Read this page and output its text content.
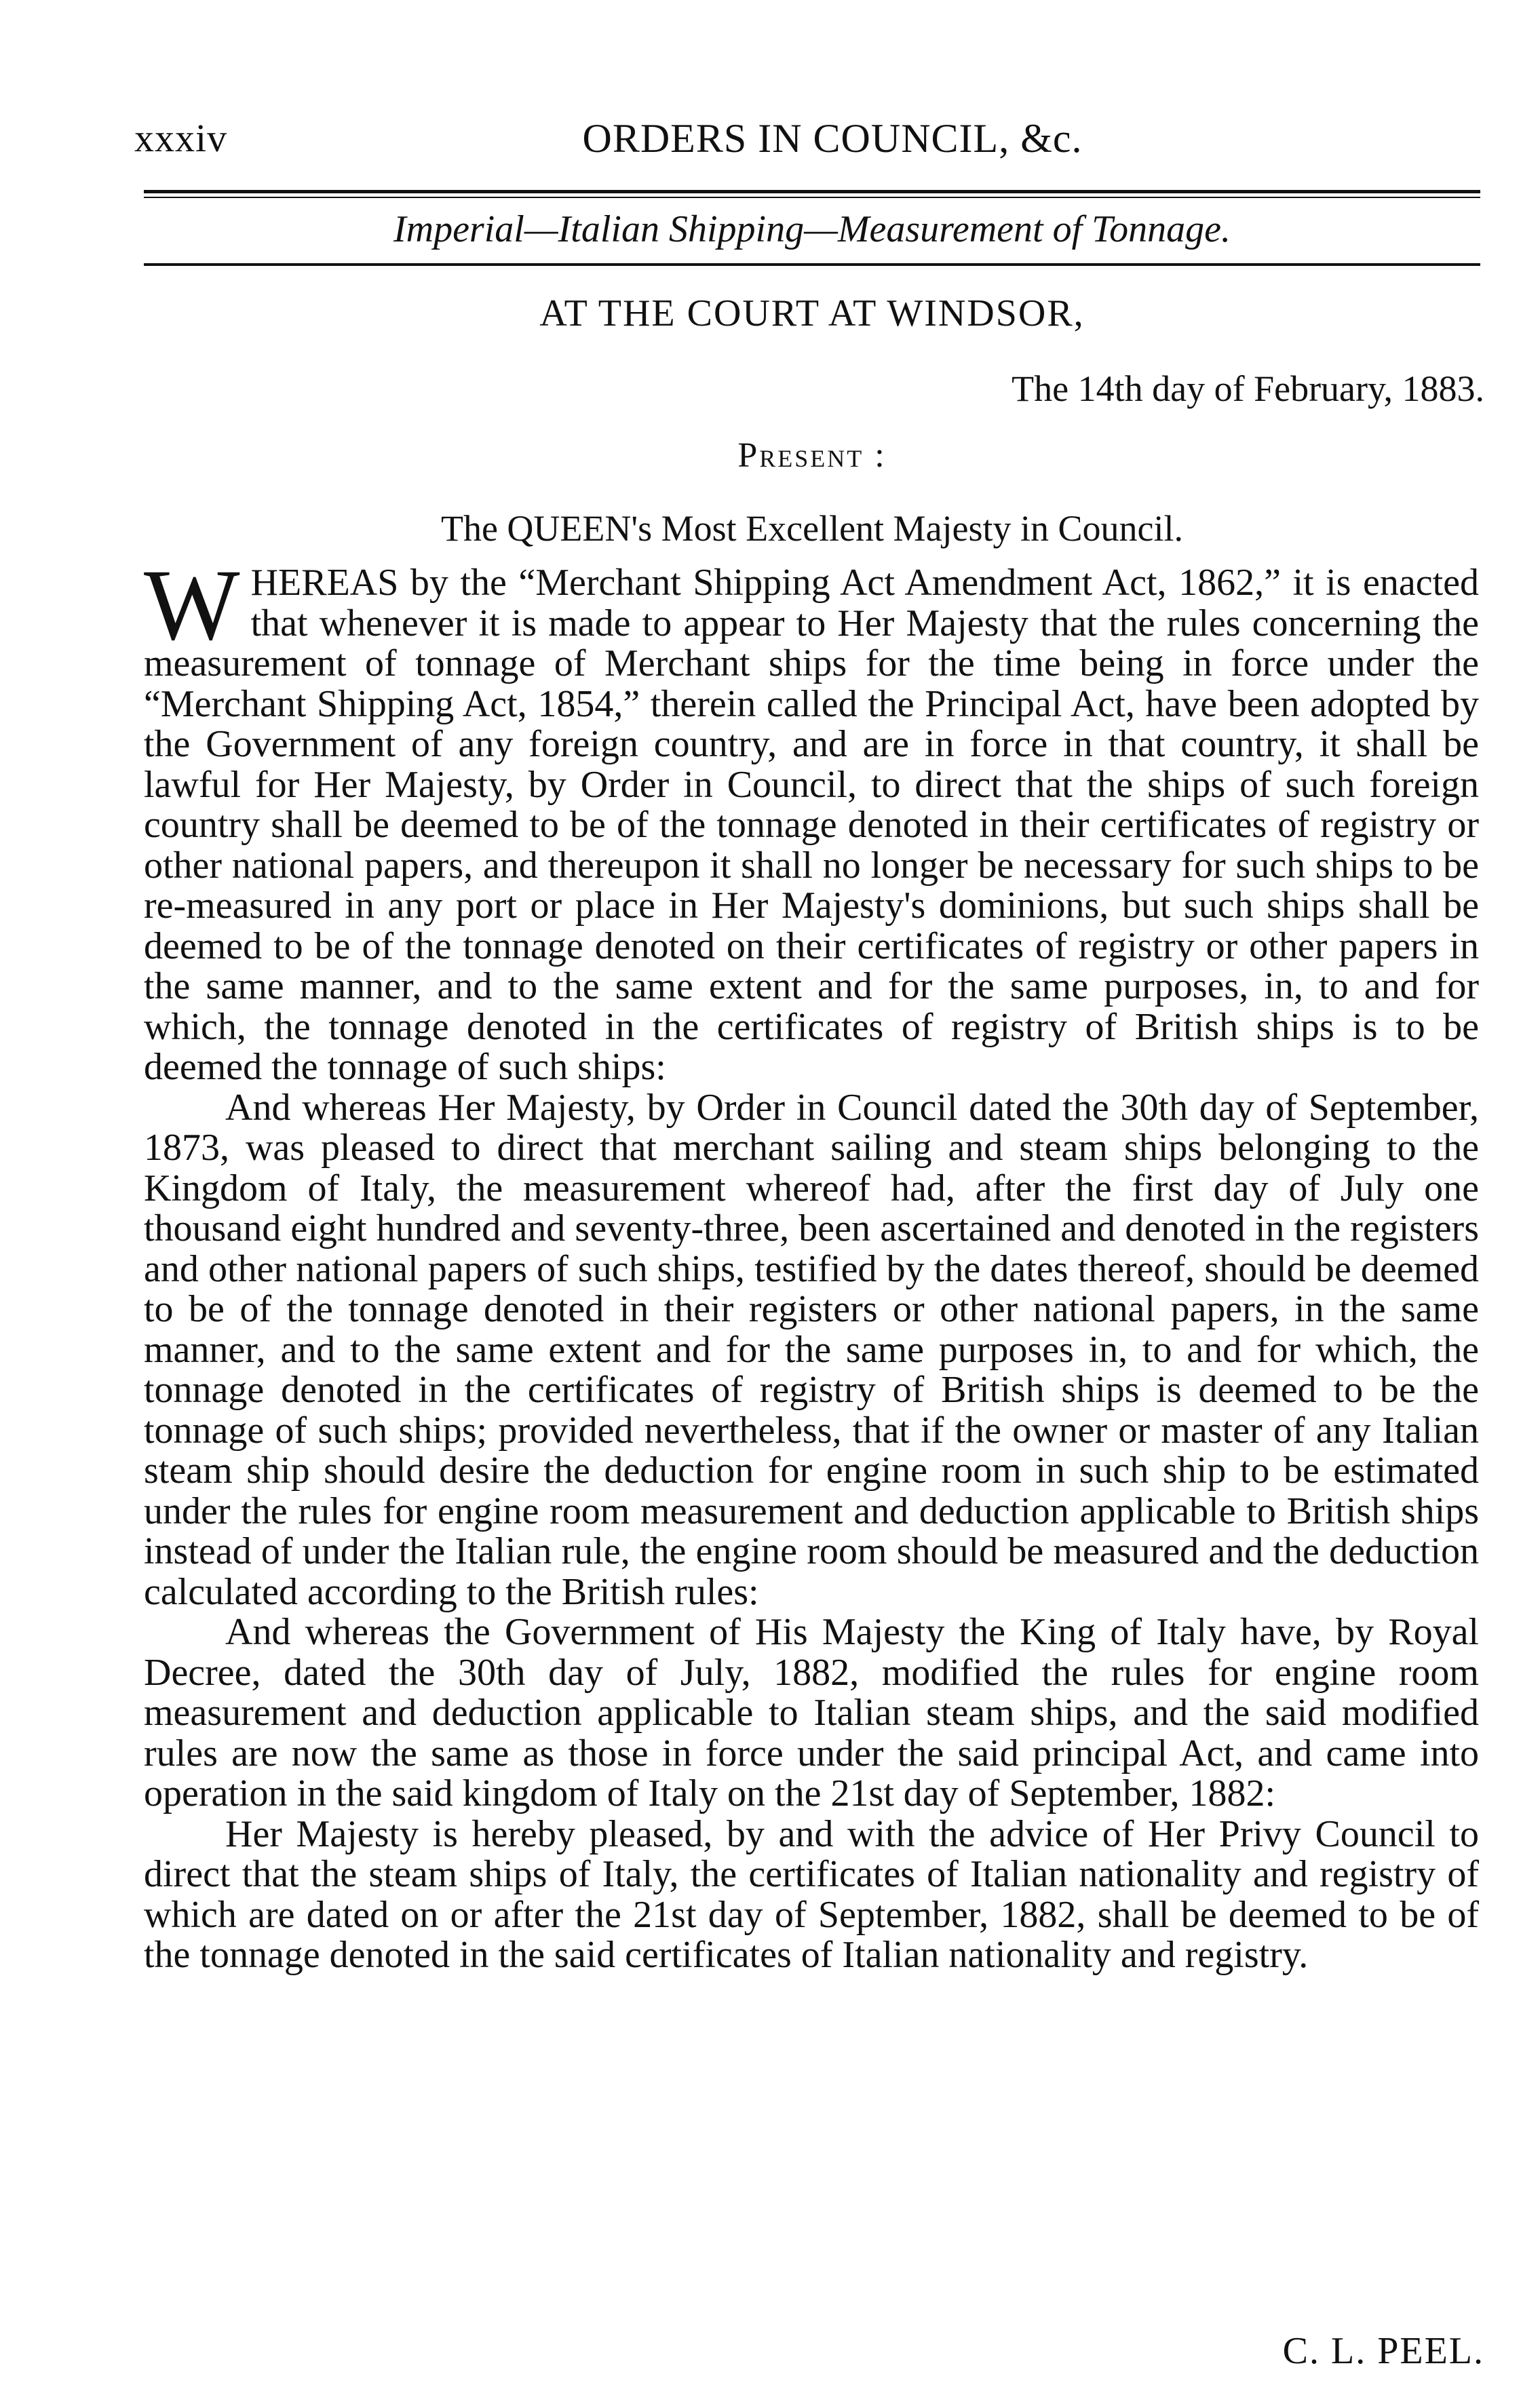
xxxiv	ORDERS IN COUNCIL, &c.
Imperial—Italian Shipping—Measurement of Tonnage.
AT THE COURT AT WINDSOR,
The 14th day of February, 1883.
Present :
The QUEEN's Most Excellent Majesty in Council.

WHEREAS by the “Merchant Shipping Act Amendment Act, 1862,” it is enacted that whenever it is made to appear to Her Majesty that the rules concerning the measurement of tonnage of Merchant ships for the time being in force under the “Merchant Shipping Act, 1854,” therein called the Principal Act, have been adopted by the Government of any foreign country, and are in force in that country, it shall be lawful for Her Majesty, by Order in Council, to direct that the ships of such foreign country shall be deemed to be of the tonnage denoted in their certificates of registry or other national papers, and thereupon it shall no longer be necessary for such ships to be re-measured in any port or place in Her Majesty's dominions, but such ships shall be deemed to be of the tonnage denoted on their certificates of registry or other papers in the same manner, and to the same extent and for the same purposes, in, to and for which, the tonnage denoted in the certificates of registry of British ships is to be deemed the tonnage of such ships:

And whereas Her Majesty, by Order in Council dated the 30th day of September, 1873, was pleased to direct that merchant sailing and steam ships belonging to the Kingdom of Italy, the measurement whereof had, after the first day of July one thousand eight hundred and seventy-three, been ascertained and denoted in the registers and other national papers of such ships, testified by the dates thereof, should be deemed to be of the tonnage denoted in their registers or other national papers, in the same manner, and to the same extent and for the same purposes in, to and for which, the tonnage denoted in the certificates of registry of British ships is deemed to be the tonnage of such ships; provided nevertheless, that if the owner or master of any Italian steam ship should desire the deduction for engine room in such ship to be estimated under the rules for engine room measurement and deduction applicable to British ships instead of under the Italian rule, the engine room should be measured and the deduction calculated according to the British rules:

And whereas the Government of His Majesty the King of Italy have, by Royal Decree, dated the 30th day of July, 1882, modified the rules for engine room measurement and deduction applicable to Italian steam ships, and the said modified rules are now the same as those in force under the said principal Act, and came into operation in the said kingdom of Italy on the 21st day of September, 1882:

Her Majesty is hereby pleased, by and with the advice of Her Privy Council to direct that the steam ships of Italy, the certificates of Italian nationality and registry of which are dated on or after the 21st day of September, 1882, shall be deemed to be of the tonnage denoted in the said certificates of Italian nationality and registry.

C. L. PEEL.
